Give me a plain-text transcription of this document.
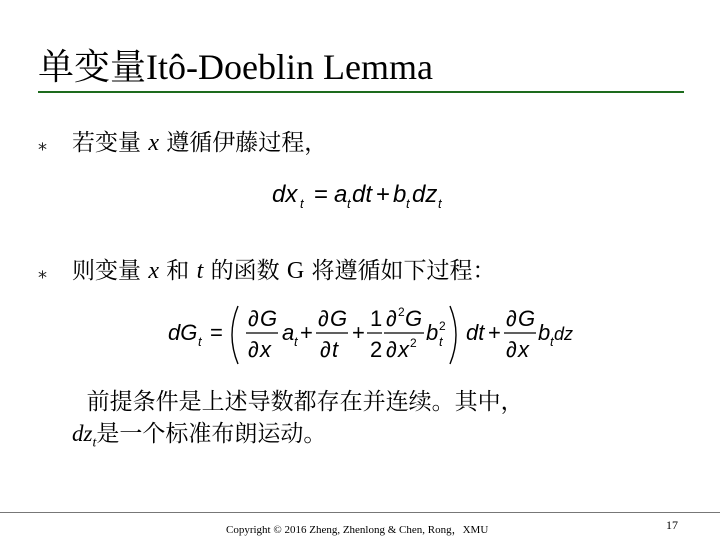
单变量Itô-Doeblin Lemma
⁎ 若变量 x 遵循伊藤过程，
dx t = a t dt + b t dz t
⁎ 则变量 x 和 t 的函数 G 将遵循如下过程：
dG t =
∂ G
∂ x
a t +
∂ G
∂ t
+
1
2
∂ 2 G
∂ x 2 b 2
t dt +
∂ G
∂ x
b t dz
前提条件是上述导数都存在并连续。其中，
$dz_t$是一个标准布朗运动。
Copyright © 2016 Zheng, Zhenlong & Chen, Rong，XMU	17
